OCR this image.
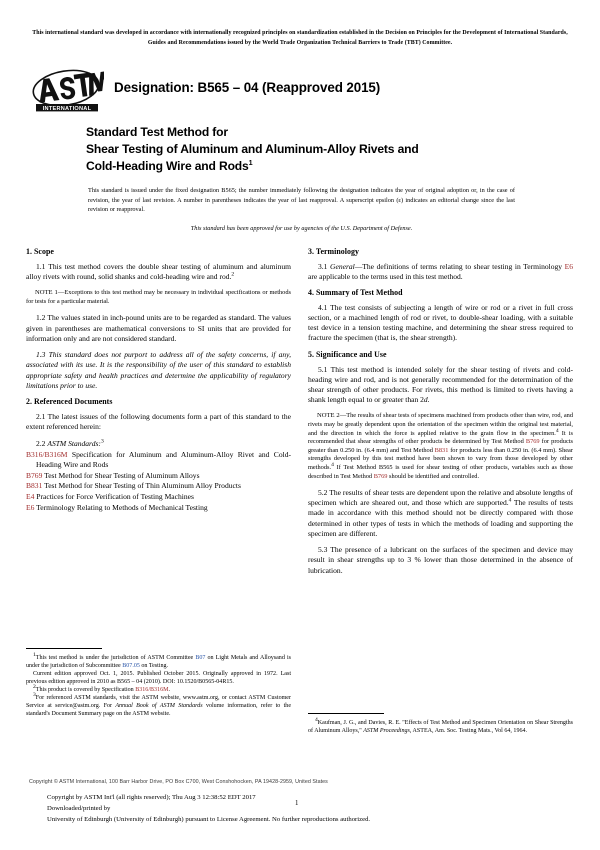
This international standard was developed in accordance with internationally recognized principles on standardization established in the Decision on Principles for the Development of International Standards, Guides and Recommendations issued by the World Trade Organization Technical Barriers to Trade (TBT) Committee.
INTERNATIONAL
Designation: B565 – 04 (Reapproved 2015)
Standard Test Method for
Shear Testing of Aluminum and Aluminum-Alloy Rivets and
Cold-Heading Wire and Rods$^1$
This standard is issued under the fixed designation B565; the number immediately following the designation indicates the year of original adoption or, in the case of revision, the year of last revision. A number in parentheses indicates the year of last reapproval. A superscript epsilon (ε) indicates an editorial change since the last revision or reapproval.
This standard has been approved for use by agencies of the U.S. Department of Defense.
1. Scope

1.1 This test method covers the double shear testing of aluminum and aluminum alloy rivets with round, solid shanks and cold-heading wire and rod.$^2$

NOTE 1—Exceptions to this test method may be necessary in individual specifications or methods for tests for a particular material.

1.2 The values stated in inch-pound units are to be regarded as standard. The values given in parentheses are mathematical conversions to SI units that are provided for information only and are not considered standard.

1.3 This standard does not purport to address all of the safety concerns, if any, associated with its use. It is the responsibility of the user of this standard to establish appropriate safety and health practices and determine the applicability of regulatory limitations prior to use.

2. Referenced Documents

2.1 The latest issues of the following documents form a part of this standard to the extent referenced herein:

2.2 ASTM Standards:$^3$

B316/B316M Specification for Aluminum and Aluminum-Alloy Rivet and Cold-Heading Wire and Rods
B769 Test Method for Shear Testing of Aluminum Alloys
B831 Test Method for Shear Testing of Thin Aluminum Alloy Products
E4 Practices for Force Verification of Testing Machines
E6 Terminology Relating to Methods of Mechanical Testing
3. Terminology

3.1 General—The definitions of terms relating to shear testing in Terminology E6 are applicable to the terms used in this test method.

4. Summary of Test Method

4.1 The test consists of subjecting a length of wire or rod or a rivet in full cross section, or a machined length of rod or rivet, to double-shear loading, with a suitable test device in a tension testing machine, and determining the shear stress required to fracture the specimen (that is, the shear strength).

5. Significance and Use

5.1 This test method is intended solely for the shear testing of rivets and cold-heading wire and rod, and is not generally recommended for the determination of the shear strength of other products. For rivets, this method is limited to rivets having a shank length equal to or greater than 2d.

NOTE 2—The results of shear tests of specimens machined from products other than wire, rod, and rivets may be greatly dependent upon the orientation of the specimen within the original test material, and the direction in which the force is applied relative to the grain flow in the specimen.$^4$ It is recommended that shear strengths of other products be determined by Test Method B769 for products greater than 0.250 in. (6.4 mm) and Test Method B831 for products less than 0.250 in. (6.4 mm). Shear strengths developed by this test method have been shown to vary from those developed by other methods.$^4$ If Test Method B565 is used for shear testing of other products, variables such as those described in Test Method B769 should be identified and controlled.

5.2 The results of shear tests are dependent upon the relative and absolute lengths of specimen which are sheared out, and those which are supported.$^4$ The results of tests made in accordance with this method should not be directly compared with those determined in other types of tests in which the methods of loading and supporting the specimen are different.

5.3 The presence of a lubricant on the surfaces of the specimen and device may result in shear strengths up to 3 % lower than those determined in the absence of lubrication.

$^1$This test method is under the jurisdiction of ASTM Committee B07 on Light Metals and Alloysand is under the jurisdiction of Subcommittee B07.05 on Testing.

Current edition approved Oct. 1, 2015. Published October 2015. Originally approved in 1972. Last previous edition approved in 2010 as B565 – 04 (2010). DOI: 10.1520/B0565-04R15.

$^2$This product is covered by Specification B316/B316M.

$^3$For referenced ASTM standards, visit the ASTM website, www.astm.org, or contact ASTM Customer Service at service@astm.org. For Annual Book of ASTM Standards volume information, refer to the standard's Document Summary page on the ASTM website.

$^4$Kaufman, J. G., and Davies, R. E. "Effects of Test Method and Specimen Orientation on Shear Strengths of Aluminum Alloys," ASTM Proceedings, ASTEA, Am. Soc. Testing Mats., Vol 64, 1964.

Copyright © ASTM International, 100 Barr Harbor Drive, PO Box C700, West Conshohocken, PA 19428-2959, United States
Copyright by ASTM Int'l (all rights reserved); Thu Aug 3 12:38:52 EDT 2017
Downloaded/printed by
University of Edinburgh (University of Edinburgh) pursuant to License Agreement. No further reproductions authorized.
1
